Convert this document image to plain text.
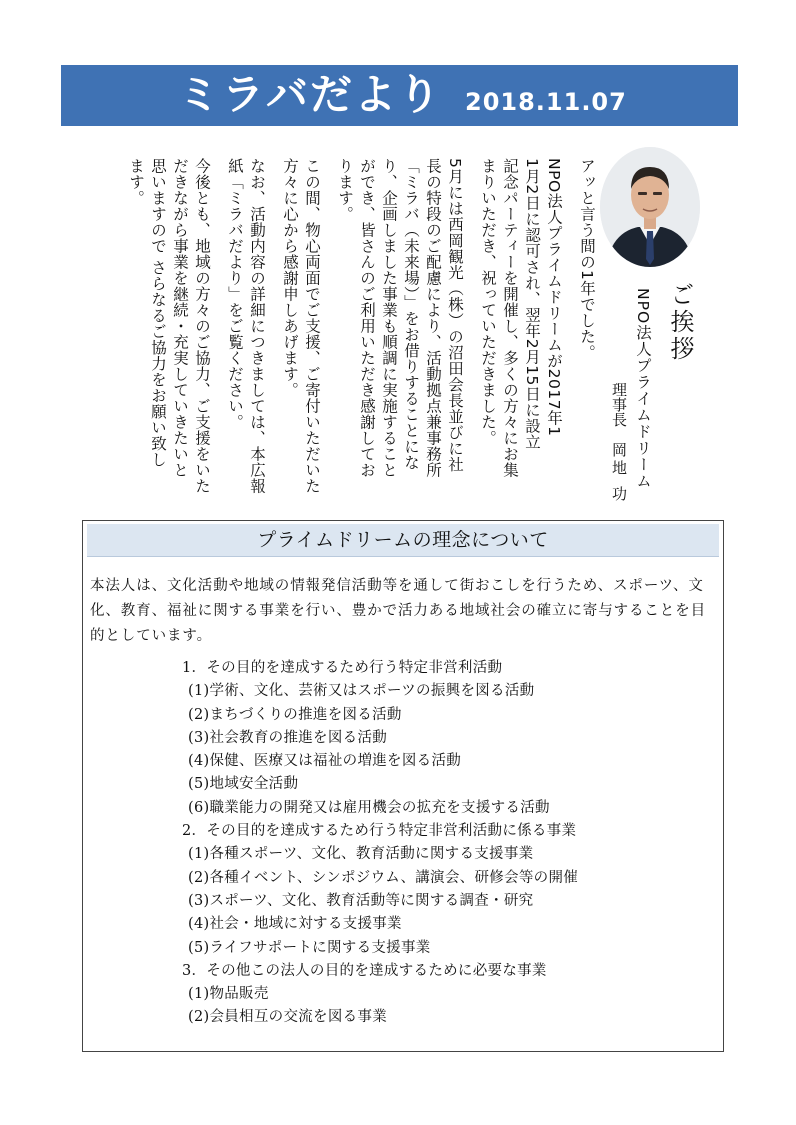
ミラバだより 2018.11.07
ご挨拶
NPO法人プライムドリーム
理事長
岡地 功

アッと言う間の1年でした。

NPO法人プライムドリームが2017年1
1月2日に認可され、翌年2月15日に設立
記念パーティーを開催し、多くの方々にお集
まりいただき、祝っていただきました。

5月には西岡観光（株）の沼田会長並びに社
長の特段のご配慮により、活動拠点兼事務所
「ミラバ（未来場）」をお借りすることにな
り、企画しました事業も順調に実施すること
ができ、皆さんのご利用いただき感謝してお
ります。

この間、物心両面でご支援、ご寄付いただいた
方々に心から感謝申しあげます。

なお、活動内容の詳細につきましては、本広報
紙「ミラバだより」をご覧ください。

今後とも、地域の方々のご協力、ご支援をいた
だきながら事業を継続・充実していきたいと
思いますので さらなるご協力をお願い致し
ます。

プライムドリームの理念について

本法人は、文化活動や地域の情報発信活動等を通して街おこしを行うため、スポーツ、文化、教育、福祉に関する事業を行い、豊かで活力ある地域社会の確立に寄与することを目的としています。

1．その目的を達成するため行う特定非営利活動
(1)学術、文化、芸術又はスポーツの振興を図る活動
(2)まちづくりの推進を図る活動
(3)社会教育の推進を図る活動
(4)保健、医療又は福祉の増進を図る活動
(5)地域安全活動
(6)職業能力の開発又は雇用機会の拡充を支援する活動
2．その目的を達成するため行う特定非営利活動に係る事業
(1)各種スポーツ、文化、教育活動に関する支援事業
(2)各種イベント、シンポジウム、講演会、研修会等の開催
(3)スポーツ、文化、教育活動等に関する調査・研究
(4)社会・地域に対する支援事業
(5)ライフサポートに関する支援事業
3．その他この法人の目的を達成するために必要な事業
(1)物品販売
(2)会員相互の交流を図る事業
